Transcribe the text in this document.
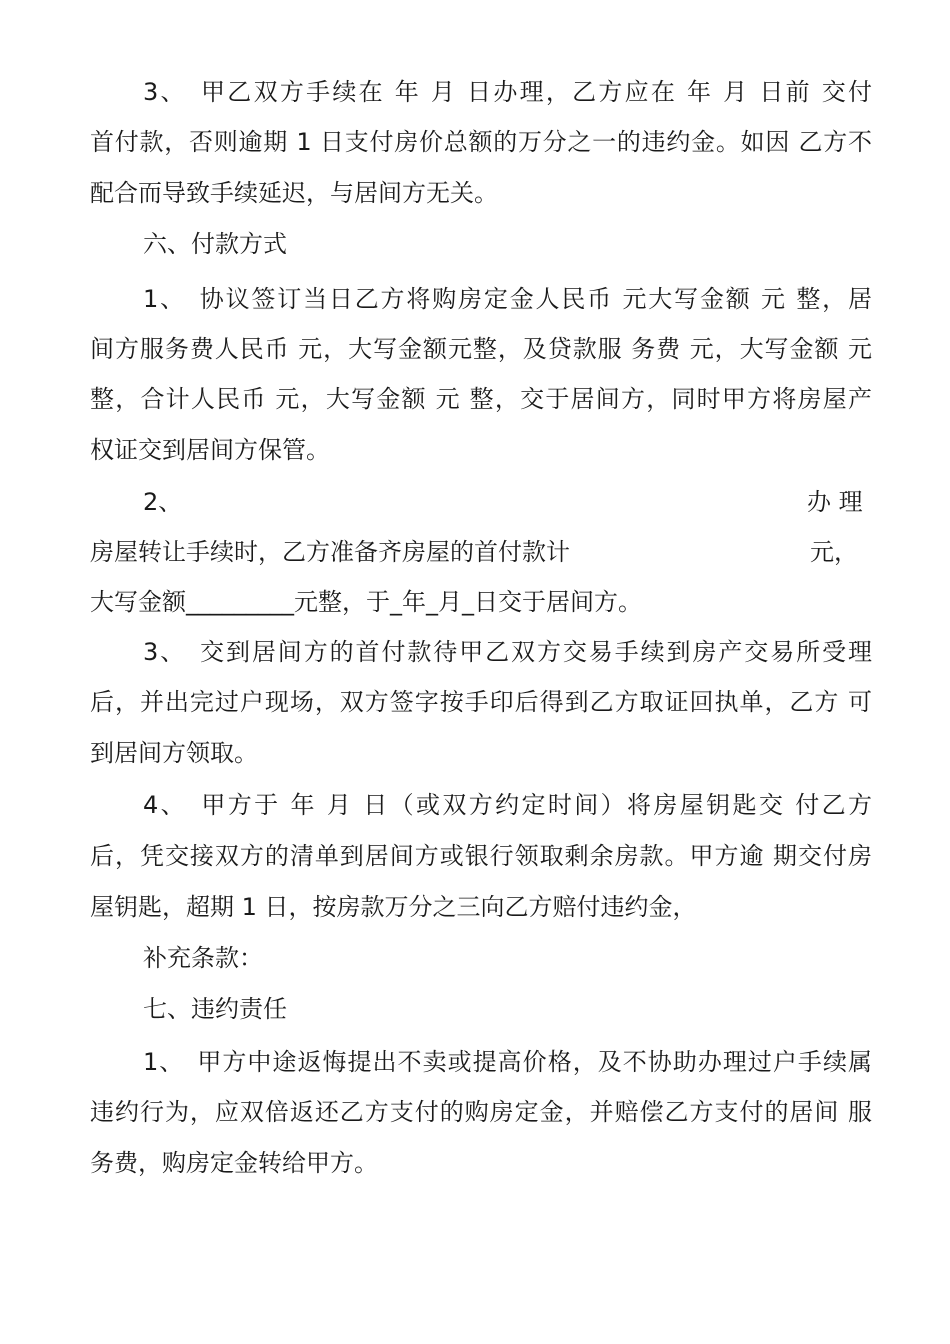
3、　甲乙双方手续在 年 月 日办理，乙方应在 年 月 日前 交付
首付款，否则逾期 1 日支付房价总额的万分之一的违约金。如因 乙方不
配合而导致手续延迟，与居间方无关。
六、付款方式
1、　协议签订当日乙方将购房定金人民币 元大写金额 元 整，居
间方服务费人民币 元，大写金额元整，及贷款服 务费 元，大写金额 元
整，合计人民币 元，大写金额 元 整，交于居间方，同时甲方将房屋产
权证交到居间方保管。
2、	办 理
房屋转让手续时，乙方准备齐房屋的首付款计	元，
大写金额_________元整，于_年_月_日交于居间方。
3、　交到居间方的首付款待甲乙双方交易手续到房产交易所受理
后，并出完过户现场，双方签字按手印后得到乙方取证回执单，乙方 可
到居间方领取。
4、　甲方于 年 月 日（或双方约定时间）将房屋钥匙交 付乙方
后，凭交接双方的清单到居间方或银行领取剩余房款。甲方逾 期交付房
屋钥匙，超期 1 日，按房款万分之三向乙方赔付违约金，
补充条款：
七、违约责任
1、　甲方中途返悔提出不卖或提高价格，及不协助办理过户手续属
违约行为，应双倍返还乙方支付的购房定金，并赔偿乙方支付的居间 服
务费，购房定金转给甲方。
